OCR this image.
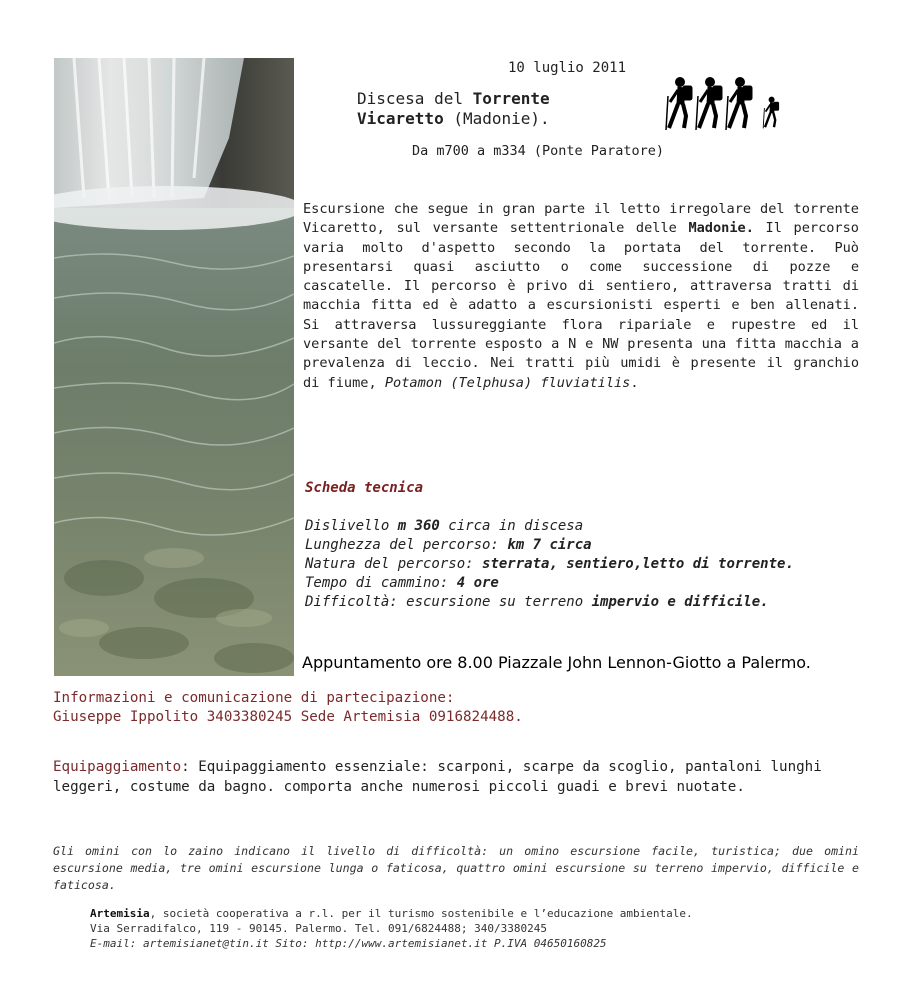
10 luglio 2011
Discesa del Torrente
Vicaretto (Madonie).
Da m700 a m334 (Ponte Paratore)
Escursione che segue in gran parte il letto irregolare del torrente Vicaretto, sul versante settentrionale delle Madonie. Il percorso varia molto d'aspetto secondo la portata del torrente. Può presentarsi quasi asciutto o come successione di pozze e cascatelle. Il percorso è privo di sentiero, attraversa tratti di macchia fitta ed è adatto a escursionisti esperti e ben allenati. Si attraversa lussureggiante flora ripariale e rupestre ed il versante del torrente esposto a N e NW presenta una fitta macchia a prevalenza di leccio. Nei tratti più umidi è presente il granchio di fiume, Potamon (Telphusa) fluviatilis.
Scheda tecnica
Dislivello m 360 circa in discesa
Lunghezza del percorso: km 7 circa
Natura del percorso: sterrata, sentiero,letto di torrente.
Tempo di cammino: 4 ore
Difficoltà: escursione su terreno impervio e difficile.
Appuntamento ore 8.00 Piazzale John Lennon-Giotto a Palermo.
Informazioni e comunicazione di partecipazione:
Giuseppe Ippolito 3403380245 Sede Artemisia 0916824488.
Equipaggiamento: Equipaggiamento essenziale: scarponi, scarpe da scoglio, pantaloni lunghi leggeri, costume da bagno. comporta anche numerosi piccoli guadi e brevi nuotate.
Gli omini con lo zaino indicano il livello di difficoltà: un omino escursione facile, turistica; due omini escursione media, tre omini escursione lunga o faticosa, quattro omini escursione su terreno impervio, difficile e faticosa.
Artemisia, società cooperativa a r.l. per il turismo sostenibile e l’educazione ambientale.
Via Serradifalco, 119 - 90145. Palermo. Tel. 091/6824488; 340/3380245
E-mail: artemisianet@tin.it Sito: http://www.artemisianet.it P.IVA 04650160825
